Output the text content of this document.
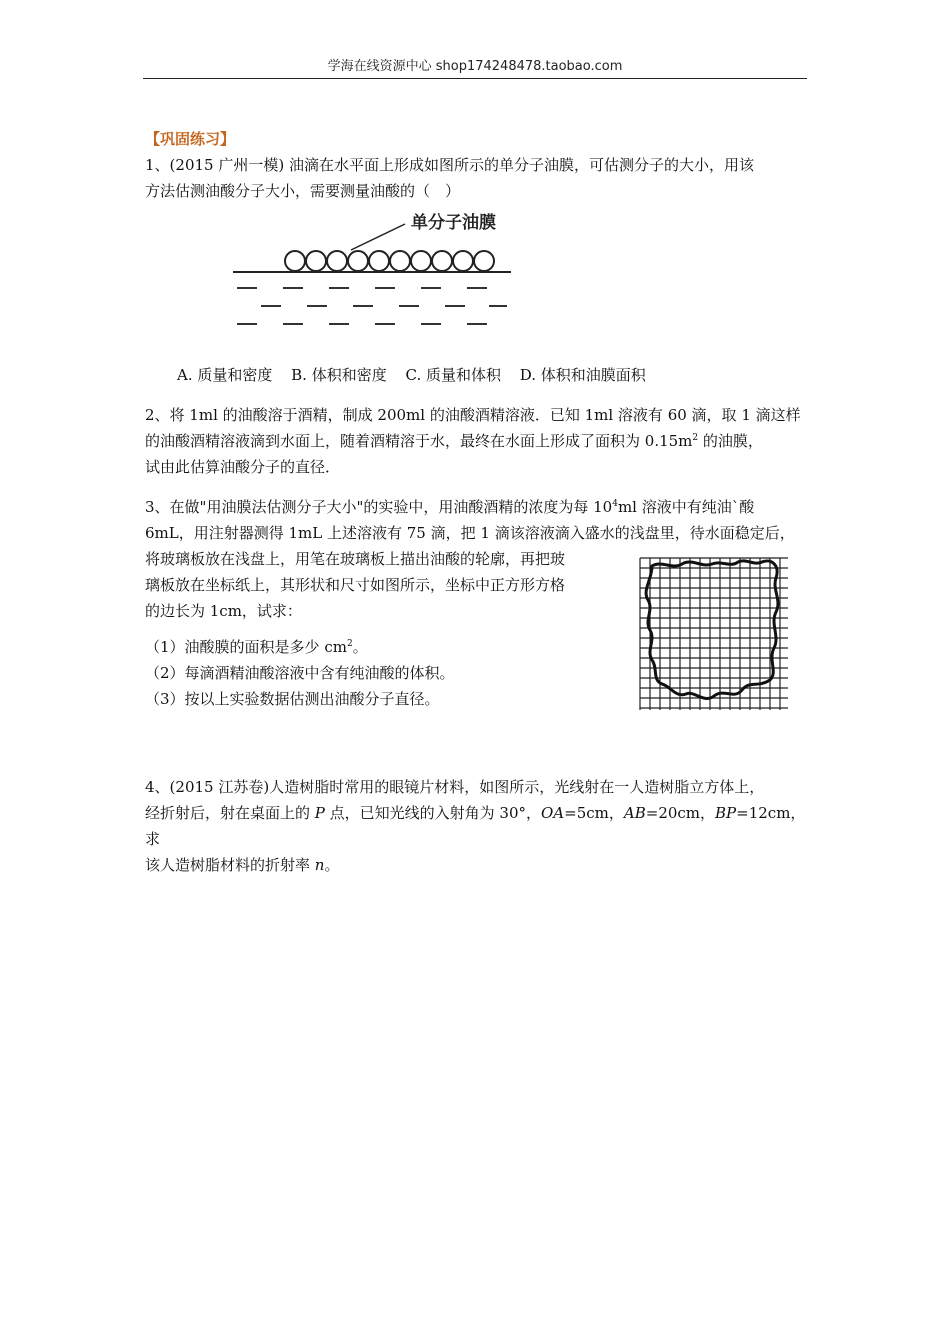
学海在线资源中心 shop174248478.taobao.com
【巩固练习】

1、(2015 广州一模) 油滴在水平面上形成如图所示的单分子油膜，可估测分子的大小，用该

方法估测油酸分子大小，需要测量油酸的（　）

单分子油膜
A. 质量和密度 B. 体积和密度 C. 质量和体积 D. 体积和油膜面积

2、将 1ml 的油酸溶于酒精，制成 200ml 的油酸酒精溶液．已知 1ml 溶液有 60 滴，取 1 滴这样

的油酸酒精溶液滴到水面上，随着酒精溶于水，最终在水面上形成了面积为 $0.15m^2$ 的油膜，

试由此估算油酸分子的直径．

3、在做"用油膜法估测分子大小"的实验中，用油酸酒精的浓度为每 $10^4ml$ 溶液中有纯油`酸

6mL，用注射器测得 1mL 上述溶液有 75 滴，把 1 滴该溶液滴入盛水的浅盘里，待水面稳定后，

将玻璃板放在浅盘上，用笔在玻璃板上描出油酸的轮廓，再把玻

璃板放在坐标纸上，其形状和尺寸如图所示，坐标中正方形方格

的边长为 1cm，试求：

（1）油酸膜的面积是多少 $cm^2$。

（2）每滴酒精油酸溶液中含有纯油酸的体积。

（3）按以上实验数据估测出油酸分子直径。

4、(2015 江苏卷)人造树脂时常用的眼镜片材料，如图所示，光线射在一人造树脂立方体上，

经折射后，射在桌面上的 P 点，已知光线的入射角为 30°，OA=5cm，AB=20cm，BP=12cm，求

该人造树脂材料的折射率 n。
